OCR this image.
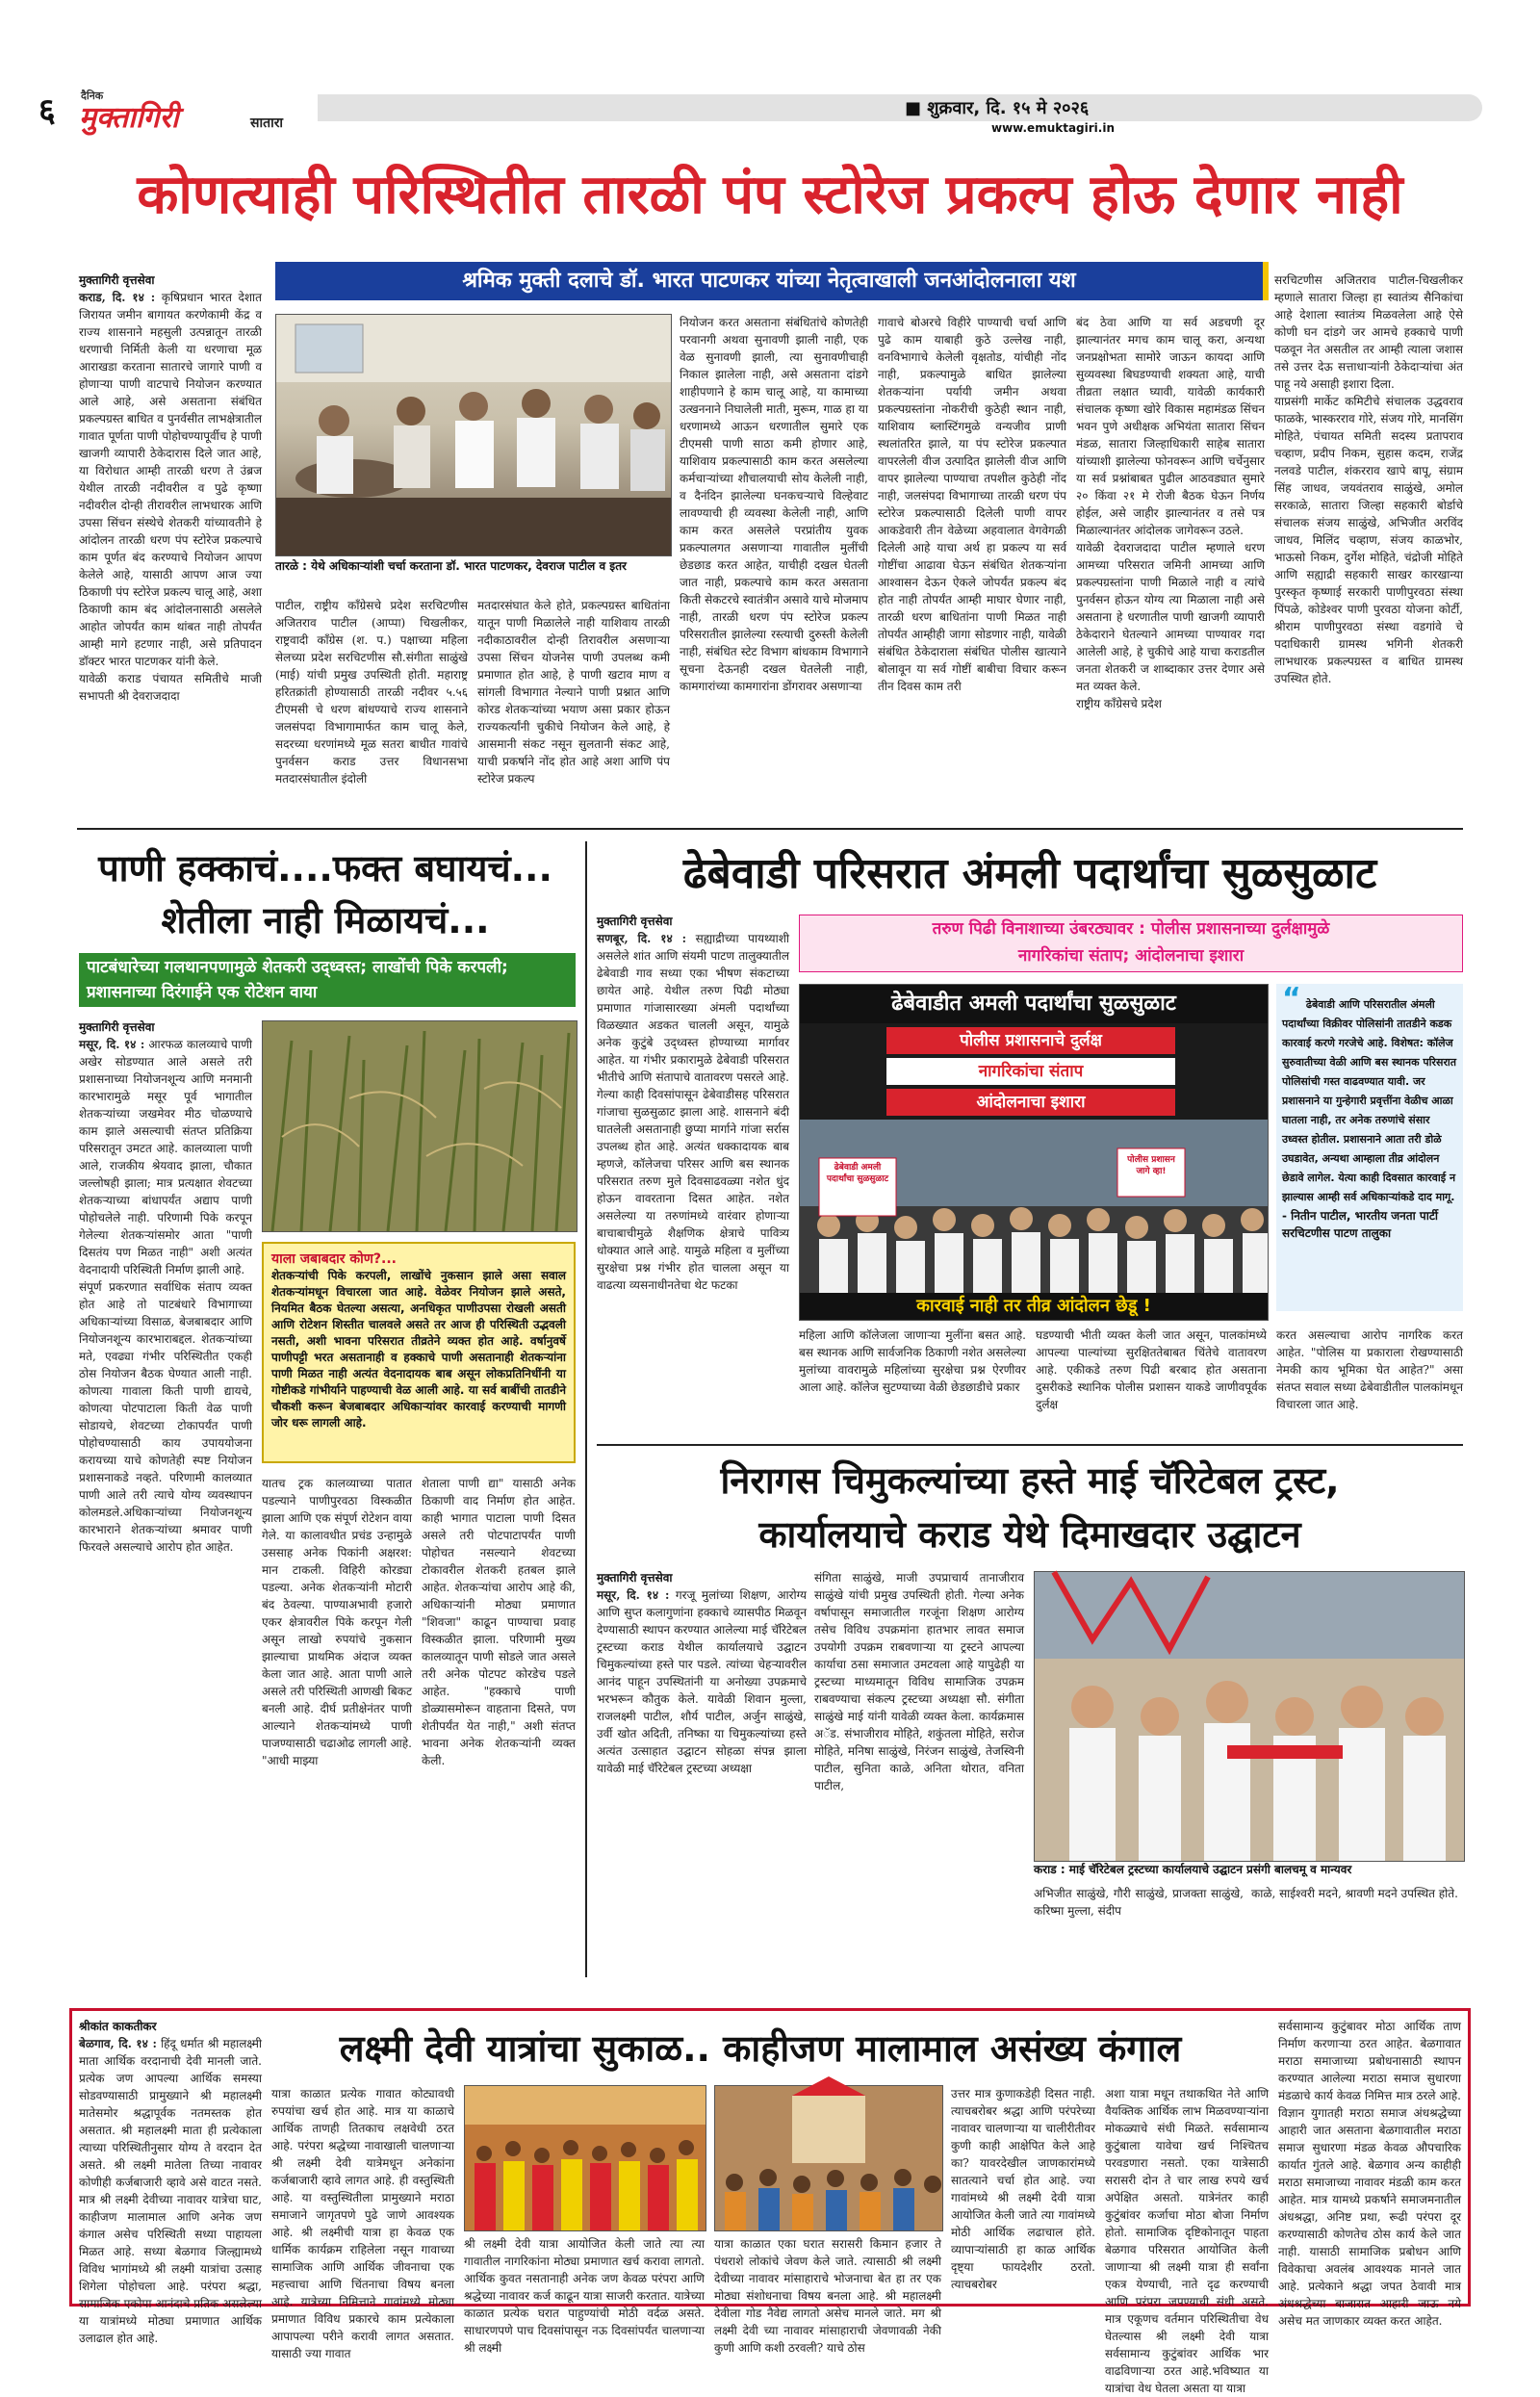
६ दैनिक
मुक्तागिरी	सातारा
■ शुक्रवार, दि. १५ मे २०२६
www.emuktagiri.in
कोणत्याही परिस्थितीत तारळी पंप स्टोरेज प्रकल्प होऊ देणार नाही
श्रमिक मुक्ती दलाचे डॉ. भारत पाटणकर यांच्या नेतृत्वाखाली जनआंदोलनाला यश
मुक्तागिरी वृत्तसेवा
कराड, दि. १४ : कृषिप्रधान भारत देशात जिरायत जमीन बागायत करणेकामी केंद्र व राज्य शासनाने महसुली उत्पन्नातून तारळी धरणाची निर्मिती केली या धरणाचा मूळ आराखडा करताना सातारचे जागारे पाणी व होणाऱ्या पाणी वाटपाचे नियोजन करण्यात आले आहे, असे असताना संबंधित प्रकल्पग्रस्त बाधित व पुनर्वसीत लाभक्षेत्रातील गावात पूर्णता पाणी पोहोचण्यापूर्वीच हे पाणी खाजगी व्यापारी ठेकेदारास दिले जात आहे, या विरोधात आम्ही तारळी धरण ते उंब्रज येथील तारळी नदीवरील व पुढे कृष्णा नदीवरील दोन्ही तीरावरील लाभधारक आणि उपसा सिंचन संस्थेचे शेतकरी यांच्यावतीने हे आंदोलन तारळी धरण पंप स्टोरेज प्रकल्पाचे काम पूर्णत बंद करण्याचे नियोजन आपण केलेले आहे, यासाठी आपण आज ज्या ठिकाणी पंप स्टोरेज प्रकल्प चालू आहे, अशा ठिकाणी काम बंद आंदोलनासाठी असलेले आहोत जोपर्यंत काम थांबत नाही तोपर्यंत आम्ही मागे हटणार नाही, असे प्रतिपादन डॉक्टर भारत पाटणकर यांनी केले.
यावेळी कराड पंचायत समितीचे माजी सभापती श्री देवराजदादा
तारळे : येथे अधिकाऱ्यांशी चर्चा करताना डॉ. भारत पाटणकर, देवराज पाटील व इतर
पाटील, राष्ट्रीय काँग्रेसचे प्रदेश सरचिटणीस अजितराव पाटील (आप्पा) चिखलीकर, राष्ट्रवादी काँग्रेस (श. प.) पक्षाच्या महिला सेलच्या प्रदेश सरचिटणीस सौ.संगीता साळुंखे (माई) यांची प्रमुख उपस्थिती होती. महाराष्ट्र हरितक्रांती होण्यासाठी तारळी नदीवर ५.५६ टीएमसी चे धरण बांधण्याचे राज्य शासनाने जलसंपदा विभागामार्फत काम चालू केले, सदरच्या धरणांमध्ये मूळ सतरा बाधीत गावांचे पुनर्वसन कराड उत्तर विधानसभा मतदारसंघातील इंदोली
मतदारसंघात केले होते, प्रकल्पग्रस्त बाधितांना यातून पाणी मिळालेले नाही याशिवाय तारळी नदीकाठावरील दोन्ही तिरावरील असणाऱ्या उपसा सिंचन योजनेस पाणी उपलब्ध कमी प्रमाणात होत आहे, हे पाणी खटाव माण व सांगली विभागात नेल्याने पाणी प्रश्नात आणि कोरड शेतकऱ्यांच्या भयाण असा प्रकार होऊन राज्यकर्त्यांनी चुकीचे नियोजन केले आहे, हे आसमानी संकट नसून सुलतानी संकट आहे, याची प्रकर्षाने नोंद होत आहे अशा आणि पंप स्टोरेज प्रकल्प
नियोजन करत असताना संबंधितांचे कोणतेही परवानगी अथवा सुनावणी झाली नाही, एक वेळ सुनावणी झाली, त्या सुनावणीचाही निकाल झालेला नाही, असे असताना दांडगे शाहीपणाने हे काम चालू आहे, या कामाच्या उत्खननाने निघालेली माती, मुरूम, गाळ हा या धरणामध्ये आऊन धरणातील सुमारे एक टीएमसी पाणी साठा कमी होणार आहे, याशिवाय प्रकल्पासाठी काम करत असलेल्या कर्मचाऱ्यांच्या शौचालयाची सोय केलेली नाही, व दैनंदिन झालेल्या घनकचऱ्याचे विल्हेवाट लावण्याची ही व्यवस्था केलेली नाही, आणि काम करत असलेले परप्रांतीय युवक प्रकल्पालगत असणाऱ्या गावातील मुलींची छेडछाड करत आहेत, याचीही दखल घेतली जात नाही, प्रकल्पाचे काम करत असताना किती सेकटरचे स्वातंत्रीन असावे याचे मोजमाप नाही, तारळी धरण पंप स्टोरेज प्रकल्प परिसरातील झालेल्या रस्त्याची दुरुस्ती केलेली नाही, संबंधित स्टेट विभाग बांधकाम विभागाने सूचना देऊनही दखल घेतलेली नाही, कामगारांच्या कामगारांना डोंगरावर असणाऱ्या
गावाचे बोअरचे विहीरे पाण्याची चर्चा आणि पुढे काम याबाही कुठे उल्लेख नाही, वनविभागाचे केलेली वृक्षतोड, यांचीही नोंद नाही, प्रकल्पामुळे बाधित झालेल्या शेतकऱ्यांना पर्यायी जमीन अथवा प्रकल्पग्रस्तांना नोकरीची कुठेही स्थान नाही, याशिवाय ब्लास्टिंगमुळे वन्यजीव प्राणी स्थलांतरित झाले, या पंप स्टोरेज प्रकल्पात वापरलेली वीज उत्पादित झालेली वीज आणि वापर झालेल्या पाण्याचा तपशील कुठेही नोंद नाही, जलसंपदा विभागाच्या तारळी धरण पंप स्टोरेज प्रकल्पासाठी दिलेली पाणी वापर आकडेवारी तीन वेळेच्या अहवालात वेगवेगळी दिलेली आहे याचा अर्थ हा प्रकल्प या सर्व गोष्टींचा आढावा घेऊन संबंधित शेतकऱ्यांना आश्वासन देऊन ऐकले जोपर्यंत प्रकल्प बंद होत नाही तोपर्यंत आम्ही माघार घेणार नाही, तारळी धरण बाधितांना पाणी मिळत नाही तोपर्यंत आम्हीही जागा सोडणार नाही, यावेळी संबंधित ठेकेदाराला संबंधित पोलीस खात्याने बोलावून या सर्व गोष्टीं बाबीचा विचार करून तीन दिवस काम तरी
बंद ठेवा आणि या सर्व अडचणी दूर झाल्यानंतर मगच काम चालू करा, अन्यथा जनप्रक्षोभता सामोरे जाऊन कायदा आणि सुव्यवस्था बिघडण्याची शक्यता आहे, याची तीव्रता लक्षात घ्यावी, यावेळी कार्यकारी संचालक कृष्णा खोरे विकास महामंडळ सिंचन भवन पुणे अधीक्षक अभियंता सातारा सिंचन मंडळ, सातारा जिल्हाधिकारी साहेब सातारा यांच्याशी झालेल्या फोनवरून आणि चर्चेनुसार या सर्व प्रश्नांबाबत पुढील आठवड्यात सुमारे २० किंवा २१ मे रोजी बैठक घेऊन निर्णय होईल, असे जाहीर झाल्यानंतर व तसे पत्र मिळाल्यानंतर आंदोलक जागेवरून उठले.
यावेळी देवराजदादा पाटील म्हणाले धरण आमच्या परिसरात जमिनी आमच्या आणि प्रकल्पग्रस्तांना पाणी मिळाले नाही व त्यांचे पुनर्वसन होऊन योग्य त्या मिळाला नाही असे असताना हे धरणातील पाणी खाजगी व्यापारी ठेकेदाराने घेतल्याने आमच्या पाण्यावर गदा आलेली आहे, हे चुकीचे आहे याचा कराडतील जनता शेतकरी ज शाब्दाकार उत्तर देणार असे मत व्यक्त केले.
राष्ट्रीय काँग्रेसचे प्रदेश
सरचिटणीस अजितराव पाटील-चिखलीकर म्हणाले सातारा जिल्हा हा स्वातंत्र्य सैनिकांचा आहे देशाला स्वातंत्र्य मिळवलेला आहे ऐसे कोणी घन दांडगे जर आमचे हक्काचे पाणी पळवून नेत असतील तर आम्ही त्याला जशास तसे उत्तर देऊ सत्ताधाऱ्यांनी ठेकेदाऱ्यांचा अंत पाहू नये असाही इशारा दिला.
याप्रसंगी मार्केट कमिटीचे संचालक उद्धवराव फाळके, भास्करराव गोरे, संजय गोरे, मानसिंग मोहिते, पंचायत समिती सदस्य प्रतापराव चव्हाण, प्रदीप निकम, सुहास कदम, राजेंद्र नलवडे पाटील, शंकरराव खापे बापू, संग्राम सिंह जाधव, जयवंतराव साळुंखे, अमोल सरकाळे, सातारा जिल्हा सहकारी बोर्डाचे संचालक संजय साळुंखे, अभिजीत अरविंद जाधव, मिलिंद चव्हाण, संजय काळभोर, भाऊसो निकम, दुर्गेश मोहिते, चंद्रोजी मोहिते आणि सह्याद्री सहकारी साखर कारखान्या पुरस्कृत कृष्णाई सरकारी पाणीपुरवठा संस्था पिंपळे, कोडेश्वर पाणी पुरवठा योजना कोर्टी, श्रीराम पाणीपुरवठा संस्था वडगांवे चे पदाधिकारी ग्रामस्थ भगिनी शेतकरी लाभधारक प्रकल्पग्रस्त व बाधित ग्रामस्थ उपस्थित होते.
पाणी हक्काचं....फक्त बघायचं...
शेतीला नाही मिळायचं...
पाटबंधारेच्या गलथानपणामुळे शेतकरी उद्ध्वस्त; लाखोंची पिके करपली; प्रशासनाच्या दिरंगाईने एक रोटेशन वाया
मुक्तागिरी वृत्तसेवा
मसूर, दि. १४ : आरफळ कालव्याचे पाणी अखेर सोडण्यात आले असले तरी प्रशासनाच्या नियोजनशून्य आणि मनमानी कारभारामुळे मसूर पूर्व भागातील शेतकऱ्यांच्या जखमेवर मीठ चोळण्याचे काम झाले असल्याची संतप्त प्रतिक्रिया परिसरातून उमटत आहे. कालव्याला पाणी आले, राजकीय श्रेयवाद झाला, चौकात जल्लोषही झाला; मात्र प्रत्यक्षात शेवटच्या शेतकऱ्याच्या बांधापर्यंत अद्याप पाणी पोहोचलेले नाही. परिणामी पिके करपून गेलेल्या शेतकऱ्यांसमोर आता "पाणी दिसतंय पण मिळत नाही" अशी अत्यंत वेदनादायी परिस्थिती निर्माण झाली आहे.
संपूर्ण प्रकरणात सर्वाधिक संताप व्यक्त होत आहे तो पाटबंधारे विभागाच्या अधिकाऱ्यांच्या विसाळ, बेजबाबदार आणि नियोजनशून्य कारभाराबद्दल. शेतकऱ्यांच्या मते, एवढ्या गंभीर परिस्थितीत एकही ठोस नियोजन बैठक घेण्यात आली नाही. कोणत्या गावाला किती पाणी द्यायचे, कोणत्या पोटपाटाला किती वेळ पाणी सोडायचे, शेवटच्या टोकापर्यंत पाणी पोहोचण्यासाठी काय उपाययोजना करायच्या याचे कोणतेही स्पष्ट नियोजन प्रशासनाकडे नव्हते. परिणामी कालव्यात पाणी आले तरी त्याचे योग्य व्यवस्थापन कोलमडले.अधिकाऱ्यांच्या नियोजनशून्य कारभाराने शेतकऱ्यांच्या श्रमावर पाणी फिरवले असल्याचे आरोप होत आहेत.
याला जबाबदार कोण?...
शेतकऱ्यांची पिके करपली, लाखोंचे नुकसान झाले असा सवाल शेतकऱ्यांमधून विचारला जात आहे. वेळेवर नियोजन झाले असते, नियमित बैठक घेतल्या असत्या, अनधिकृत पाणीउपसा रोखली असती आणि रोटेशन शिस्तीत चालवले असते तर आज ही परिस्थिती उद्भवली नसती, अशी भावना परिसरात तीव्रतेने व्यक्त होत आहे. वर्षानुवर्षे पाणीपट्टी भरत असतानाही व हक्काचे पाणी असतानाही शेतकऱ्यांना पाणी मिळत नाही अत्यंत वेदनादायक बाब असून लोकप्रतिनिधींनी या गोष्टीकडे गांभीर्याने पाहण्याची वेळ आली आहे. या सर्व बाबींची तातडीने चौकशी करून बेजबाबदार अधिकाऱ्यांवर कारवाई करण्याची मागणी जोर धरू लागली आहे.
यातच ट्रक कालव्याच्या पातात पडल्याने पाणीपुरवठा विस्कळीत झाला आणि एक संपूर्ण रोटेशन वाया गेले. या कालावधीत प्रचंड उन्हामुळे उससाह अनेक पिकांनी अक्षरश: मान टाकली. विहिरी कोरड्या पडल्या. अनेक शेतकऱ्यांनी मोटारी बंद ठेवल्या. पाण्याअभावी हजारो एकर क्षेत्रावरील पिके करपून गेली असून लाखो रुपयांचे नुकसान झाल्याचा प्राथमिक अंदाज व्यक्त केला जात आहे. आता पाणी आले असले तरी परिस्थिती आणखी बिकट बनली आहे. दीर्घ प्रतीक्षेनंतर पाणी आल्याने शेतकऱ्यांमध्ये पाणी पाजण्यासाठी चढाओढ लागली आहे. "आधी माझ्या
शेताला पाणी द्या" यासाठी अनेक ठिकाणी वाद निर्माण होत आहेत. काही भागात पाटाला पाणी दिसत असले तरी पोटपाटापर्यंत पाणी पोहोचत नसल्याने शेवटच्या टोकावरील शेतकरी हतबल झाले आहेत. शेतकऱ्यांचा आरोप आहे की, अधिकाऱ्यांनी मोठ्या प्रमाणात "शिवजा" काढून पाण्याचा प्रवाह विस्कळीत झाला. परिणामी मुख्य कालव्यातून पाणी सोडले जात असले तरी अनेक पोटपट कोरडेच पडले आहेत. "हक्काचे पाणी डोळ्यासमोरून वाहताना दिसते, पण शेतीपर्यंत येत नाही," अशी संतप्त भावना अनेक शेतकऱ्यांनी व्यक्त केली.
ढेबेवाडी परिसरात अंमली पदार्थांचा सुळसुळाट
मुक्तागिरी वृत्तसेवा
सणबूर, दि. १४ : सह्याद्रीच्या पायथ्याशी असलेले शांत आणि संयमी पाटण तालुक्यातील ढेबेवाडी गाव सध्या एका भीषण संकटाच्या छायेत आहे. येथील तरुण पिढी मोठ्या प्रमाणात गांजासारख्या अंमली पदार्थांच्या विळख्यात अडकत चालली असून, यामुळे अनेक कुटुंबे उद्ध्वस्त होण्याच्या मार्गावर आहेत. या गंभीर प्रकारामुळे ढेबेवाडी परिसरात भीतीचे आणि संतापाचे वातावरण पसरले आहे. गेल्या काही दिवसांपासून ढेबेवाडीसह परिसरात गांजाचा सुळसुळाट झाला आहे. शासनाने बंदी घातलेली असतानाही छुप्या मार्गाने गांजा सर्रास उपलब्ध होत आहे. अत्यंत धक्कादायक बाब म्हणजे, कॉलेजचा परिसर आणि बस स्थानक परिसरात तरुण मुले दिवसाढवळ्या नशेत धुंद होऊन वावरताना दिसत आहेत. नशेत असलेल्या या तरुणांमध्ये वारंवार होणाऱ्या बाचाबाचीमुळे शैक्षणिक क्षेत्राचे पावित्र्य धोक्यात आले आहे. यामुळे महिला व मुलींच्या सुरक्षेचा प्रश्न गंभीर होत चालला असून या वाढत्या व्यसनाधीनतेचा थेट फटका
तरुण पिढी विनाशाच्या उंबरठ्यावर : पोलीस प्रशासनाच्या दुर्लक्षामुळे
नागरिकांचा संताप; आंदोलनाचा इशारा
ढेबेवाडीत अमली पदार्थांचा सुळसुळाट
पोलीस प्रशासनाचे दुर्लक्ष
नागरिकांचा संताप
आंदोलनाचा इशारा
ढेबेवाडी अमली पदार्थांचा सुळसुळाट
पोलीस प्रशासन जागे व्हा!
कारवाई नाही तर तीव्र आंदोलन छेडू !
“ ढेबेवाडी आणि परिसरातील अंमली पदार्थांच्या विक्रीवर पोलिसांनी तातडीने कडक कारवाई करणे गरजेचे आहे. विशेषत: कॉलेज सुरुवातीच्या वेळी आणि बस स्थानक परिसरात पोलिसांची गस्त वाढवण्यात यावी. जर प्रशासनाने या गुन्हेगारी प्रवृत्तींना वेळीच आळा घातला नाही, तर अनेक तरुणांचे संसार उध्वस्त होतील. प्रशासनाने आता तरी डोळे उघडावेत, अन्यथा आम्हाला तीव्र आंदोलन छेडावे लागेल. येत्या काही दिवसात कारवाई न झाल्यास आम्ही सर्व अधिकाऱ्यांकडे दाद मागू.
- नितीन पाटील, भारतीय जनता पार्टी सरचिटणीस पाटण तालुका
महिला आणि कॉलेजला जाणाऱ्या मुलींना बसत आहे. बस स्थानक आणि सार्वजनिक ठिकाणी नशेत असलेल्या मुलांच्या वावरामुळे महिलांच्या सुरक्षेचा प्रश्न ऐरणीवर आला आहे. कॉलेज सुटण्याच्या वेळी छेडछाडीचे प्रकार
घडण्याची भीती व्यक्त केली जात असून, पालकांमध्ये आपल्या पाल्यांच्या सुरक्षिततेबाबत चिंतेचे वातावरण आहे. एकीकडे तरुण पिढी बरबाद होत असताना दुसरीकडे स्थानिक पोलीस प्रशासन याकडे जाणीवपूर्वक दुर्लक्ष
करत असल्याचा आरोप नागरिक करत आहेत. "पोलिस या प्रकाराला रोखण्यासाठी नेमकी काय भूमिका घेत आहेत?" असा संतप्त सवाल सध्या ढेबेवाडीतील पालकांमधून विचारला जात आहे.
निरागस चिमुकल्यांच्या हस्ते माई चॅरिटेबल ट्रस्ट,
कार्यालयाचे कराड येथे दिमाखदार उद्घाटन
मुक्तागिरी वृत्तसेवा
मसूर, दि. १४ : गरजू मुलांच्या शिक्षण, आरोग्य आणि सुप्त कलागुणांना हक्काचे व्यासपीठ मिळवून देण्यासाठी स्थापन करण्यात आलेल्या माई चॅरिटेबल ट्रस्टच्या कराड येथील कार्यालयाचे उद्घाटन चिमुकल्यांच्या हस्ते पार पडले. त्यांच्या चेहऱ्यावरील आनंद पाहून उपस्थितांनी या अनोख्या उपक्रमाचे भरभरून कौतुक केले. यावेळी शिवान मुल्ला, राजलक्ष्मी पाटील, शौर्य पाटील, अर्जुन साळुंखे, उर्वी खोत अदिती, तनिष्का या चिमुकल्यांच्या हस्ते अत्यंत उत्साहात उद्घाटन सोहळा संपन्न झाला यावेळी माई चॅरिटेबल ट्रस्टच्या अध्यक्षा
संगिता साळुंखे, माजी उपप्राचार्य तानाजीराव साळुंखे यांची प्रमुख उपस्थिती होती. गेल्या अनेक वर्षापासून समाजातील गरजूंना शिक्षण आरोग्य तसेच विविध उपक्रमांना हातभार लावत समाज उपयोगी उपक्रम राबवणाऱ्या या ट्रस्टने आपल्या कार्याचा ठसा समाजात उमटवला आहे यापुढेही या ट्रस्टच्या माध्यमातून विविध सामाजिक उपक्रम राबवण्याचा संकल्प ट्रस्टच्या अध्यक्षा सौ. संगीता साळुंखे माई यांनी यावेळी व्यक्त केला. कार्यक्रमास अॅड. संभाजीराव मोहिते, शकुंतला मोहिते, सरोज मोहिते, मनिषा साळुंखे, निरंजन साळुंखे, तेजस्विनी पाटील, सुनिता काळे, अनिता थोरात, वनिता पाटील,
कराड : माई चॅरिटेबल ट्रस्टच्या कार्यालयाचे उद्घाटन प्रसंगी बालचमू व मान्यवर
अभिजीत साळुंखे, गौरी साळुंखे, प्राजक्ता साळुंखे, करिष्मा मुल्ला, संदीप
काळे, साईश्वरी मदने, श्रावणी मदने उपस्थित होते.
लक्ष्मी देवी यात्रांचा सुकाळ.. काहीजण मालामाल असंख्य कंगाल
श्रीकांत काकतीकर
बेळगाव, दि. १४ : हिंदू धर्मात श्री महालक्ष्मी माता आर्थिक वरदानाची देवी मानली जाते. प्रत्येक जण आपल्या आर्थिक समस्या सोडवण्यासाठी प्रामुख्याने श्री महालक्ष्मी मातेसमोर श्रद्धापूर्वक नतमस्तक होत असतात. श्री महालक्ष्मी माता ही प्रत्येकाला त्याच्या परिस्थितीनुसार योग्य ते वरदान देत असते. श्री लक्ष्मी मातेला तिच्या नावावर कोणीही कर्जबाजारी व्हावे असे वाटत नसते. मात्र श्री लक्ष्मी देवीच्या नावावर यात्रेचा घाट, काहीजण मालामाल आणि अनेक जण कंगाल असेच परिस्थिती सध्या पाहायला मिळत आहे. सध्या बेळगाव जिल्ह्यामध्ये विविध भागांमध्ये श्री लक्ष्मी यात्रांचा उत्साह शिगेला पोहोचला आहे. परंपरा श्रद्धा, सामाजिक एकोपा आनंदाचे प्रतिक असलेल्या या यात्रांमध्ये मोठ्या प्रमाणात आर्थिक उलाढाल होत आहे.
यात्रा काळात प्रत्येक गावात कोट्यावधी रुपयांचा खर्च होत आहे. मात्र या काळाचे आर्थिक ताणही तितकाच लक्षवेधी ठरत आहे. परंपरा श्रद्धेच्या नावाखाली चालणाऱ्या श्री लक्ष्मी देवी यात्रेमधून अनेकांना कर्जबाजारी व्हावे लागत आहे. ही वस्तुस्थिती आहे. या वस्तुस्थितीला प्रामुख्याने मराठा समाजाने जागृतपणे पुढे जाणे आवश्यक आहे. श्री लक्ष्मीची यात्रा हा केवळ एक धार्मिक कार्यक्रम राहिलेला नसून गावाच्या सामाजिक आणि आर्थिक जीवनाचा एक महत्त्वाचा आणि चिंतनाचा विषय बनला आहे. यात्रेच्या निमित्ताने गावांमध्ये मोठ्या प्रमाणात विविध प्रकारचे काम प्रत्येकाला आपापल्या परीने करावी लागत असतात. यासाठी ज्या गावात
श्री लक्ष्मी देवी यात्रा आयोजित केली जाते त्या त्या गावातील नागरिकांना मोठ्या प्रमाणात खर्च करावा लागतो. आर्थिक कुवत नसतानाही अनेक जण केवळ परंपरा आणि श्रद्धेच्या नावावर कर्ज काढून यात्रा साजरी करतात. यात्रेच्या काळात प्रत्येक घरात पाहुण्यांची मोठी वर्दळ असते. साधारणपणे पाच दिवसांपासून नऊ दिवसांपर्यंत चालणाऱ्या श्री लक्ष्मी
यात्रा काळात एका घरात सरासरी किमान हजार ते पंधराशे लोकांचे जेवण केले जाते. त्यासाठी श्री लक्ष्मी देवीच्या नावावर मांसाहाराचे भोजनाचा बेत हा तर एक मोठ्या संशोधनाचा विषय बनला आहे. श्री महालक्ष्मी देवीला गोड नैवेद्य लागतो असेच मानले जाते. मग श्री लक्ष्मी देवी च्या नावावर मांसाहाराची जेवणावळी नेकी कुणी आणि कशी ठरवली? याचे ठोस
उत्तर मात्र कुणाकडेही दिसत नाही. त्याचबरोबर श्रद्धा आणि परंपरेच्या नावावर चालणाऱ्या या चालीरीतीवर कुणी काही आक्षेपित केले आहे का? यावरदेखील जाणकारांमध्ये सातत्याने चर्चा होत आहे. ज्या गावांमध्ये श्री लक्ष्मी देवी यात्रा आयोजित केली जाते त्या गावांमध्ये मोठी आर्थिक लढाचाल होते. व्यापाऱ्यांसाठी हा काळ आर्थिक दृष्ट्या फायदेशीर ठरतो. त्याचबरोबर
अशा यात्रा मधून तथाकथित नेते आणि वैयक्तिक आर्थिक लाभ मिळवण्याऱ्यांना मोकळ्याचे संधी मिळते. सर्वसामान्य कुटुंबाला यावेचा खर्च निश्चितच परवडणारा नसतो. एका यात्रेसाठी सरासरी दोन ते चार लाख रुपये खर्च अपेक्षित असतो. यात्रेनंतर काही कुटुंबांवर कर्जाचा मोठा बोजा निर्माण होतो. सामाजिक दृष्टिकोनातून पाहता बेळगाव परिसरात आयोजित केली जाणाऱ्या श्री लक्ष्मी यात्रा ही सर्वांना एकत्र येण्याची, नाते दृढ करण्याची आणि परंपरा जपण्याची संधी असते. मात्र एकूणच वर्तमान परिस्थितीचा वेध घेतल्यास श्री लक्ष्मी देवी यात्रा सर्वसामान्य कुटुंबांवर आर्थिक भार वाढविणाऱ्या ठरत आहे.भविष्यात या यात्रांचा वेध घेतला असता या यात्रा
सर्वसामान्य कुटुंबावर मोठा आर्थिक ताण निर्माण करणाऱ्या ठरत आहेत. बेळगावात मराठा समाजाच्या प्रबोधनासाठी स्थापन करण्यात आलेल्या मराठा समाज सुधारणा मंडळाचे कार्य केवळ निमित्त मात्र ठरले आहे. विज्ञान युगातही मराठा समाज अंधश्रद्धेच्या आहारी जात असताना बेळगावातील मराठा समाज सुधारणा मंडळ केवळ औपचारिक कार्यात गुंतले आहे. बेळगाव अन्य काहीही मराठा समाजाच्या नावावर मंडळी काम करत आहेत. मात्र यामध्ये प्रकर्षाने समाजमनातील अंधश्रद्धा, अनिष्ट प्रथा, रूढी परंपरा दूर करण्यासाठी कोणतेच ठोस कार्य केले जात नाही. यासाठी सामाजिक प्रबोधन आणि विवेकाचा अवलंब आवश्यक मानले जात आहे. प्रत्येकाने श्रद्धा जपत ठेवावी मात्र अंधश्रद्धेच्या बाजारात आहारी जाऊ नये असेच मत जाणकार व्यक्त करत आहेत.
